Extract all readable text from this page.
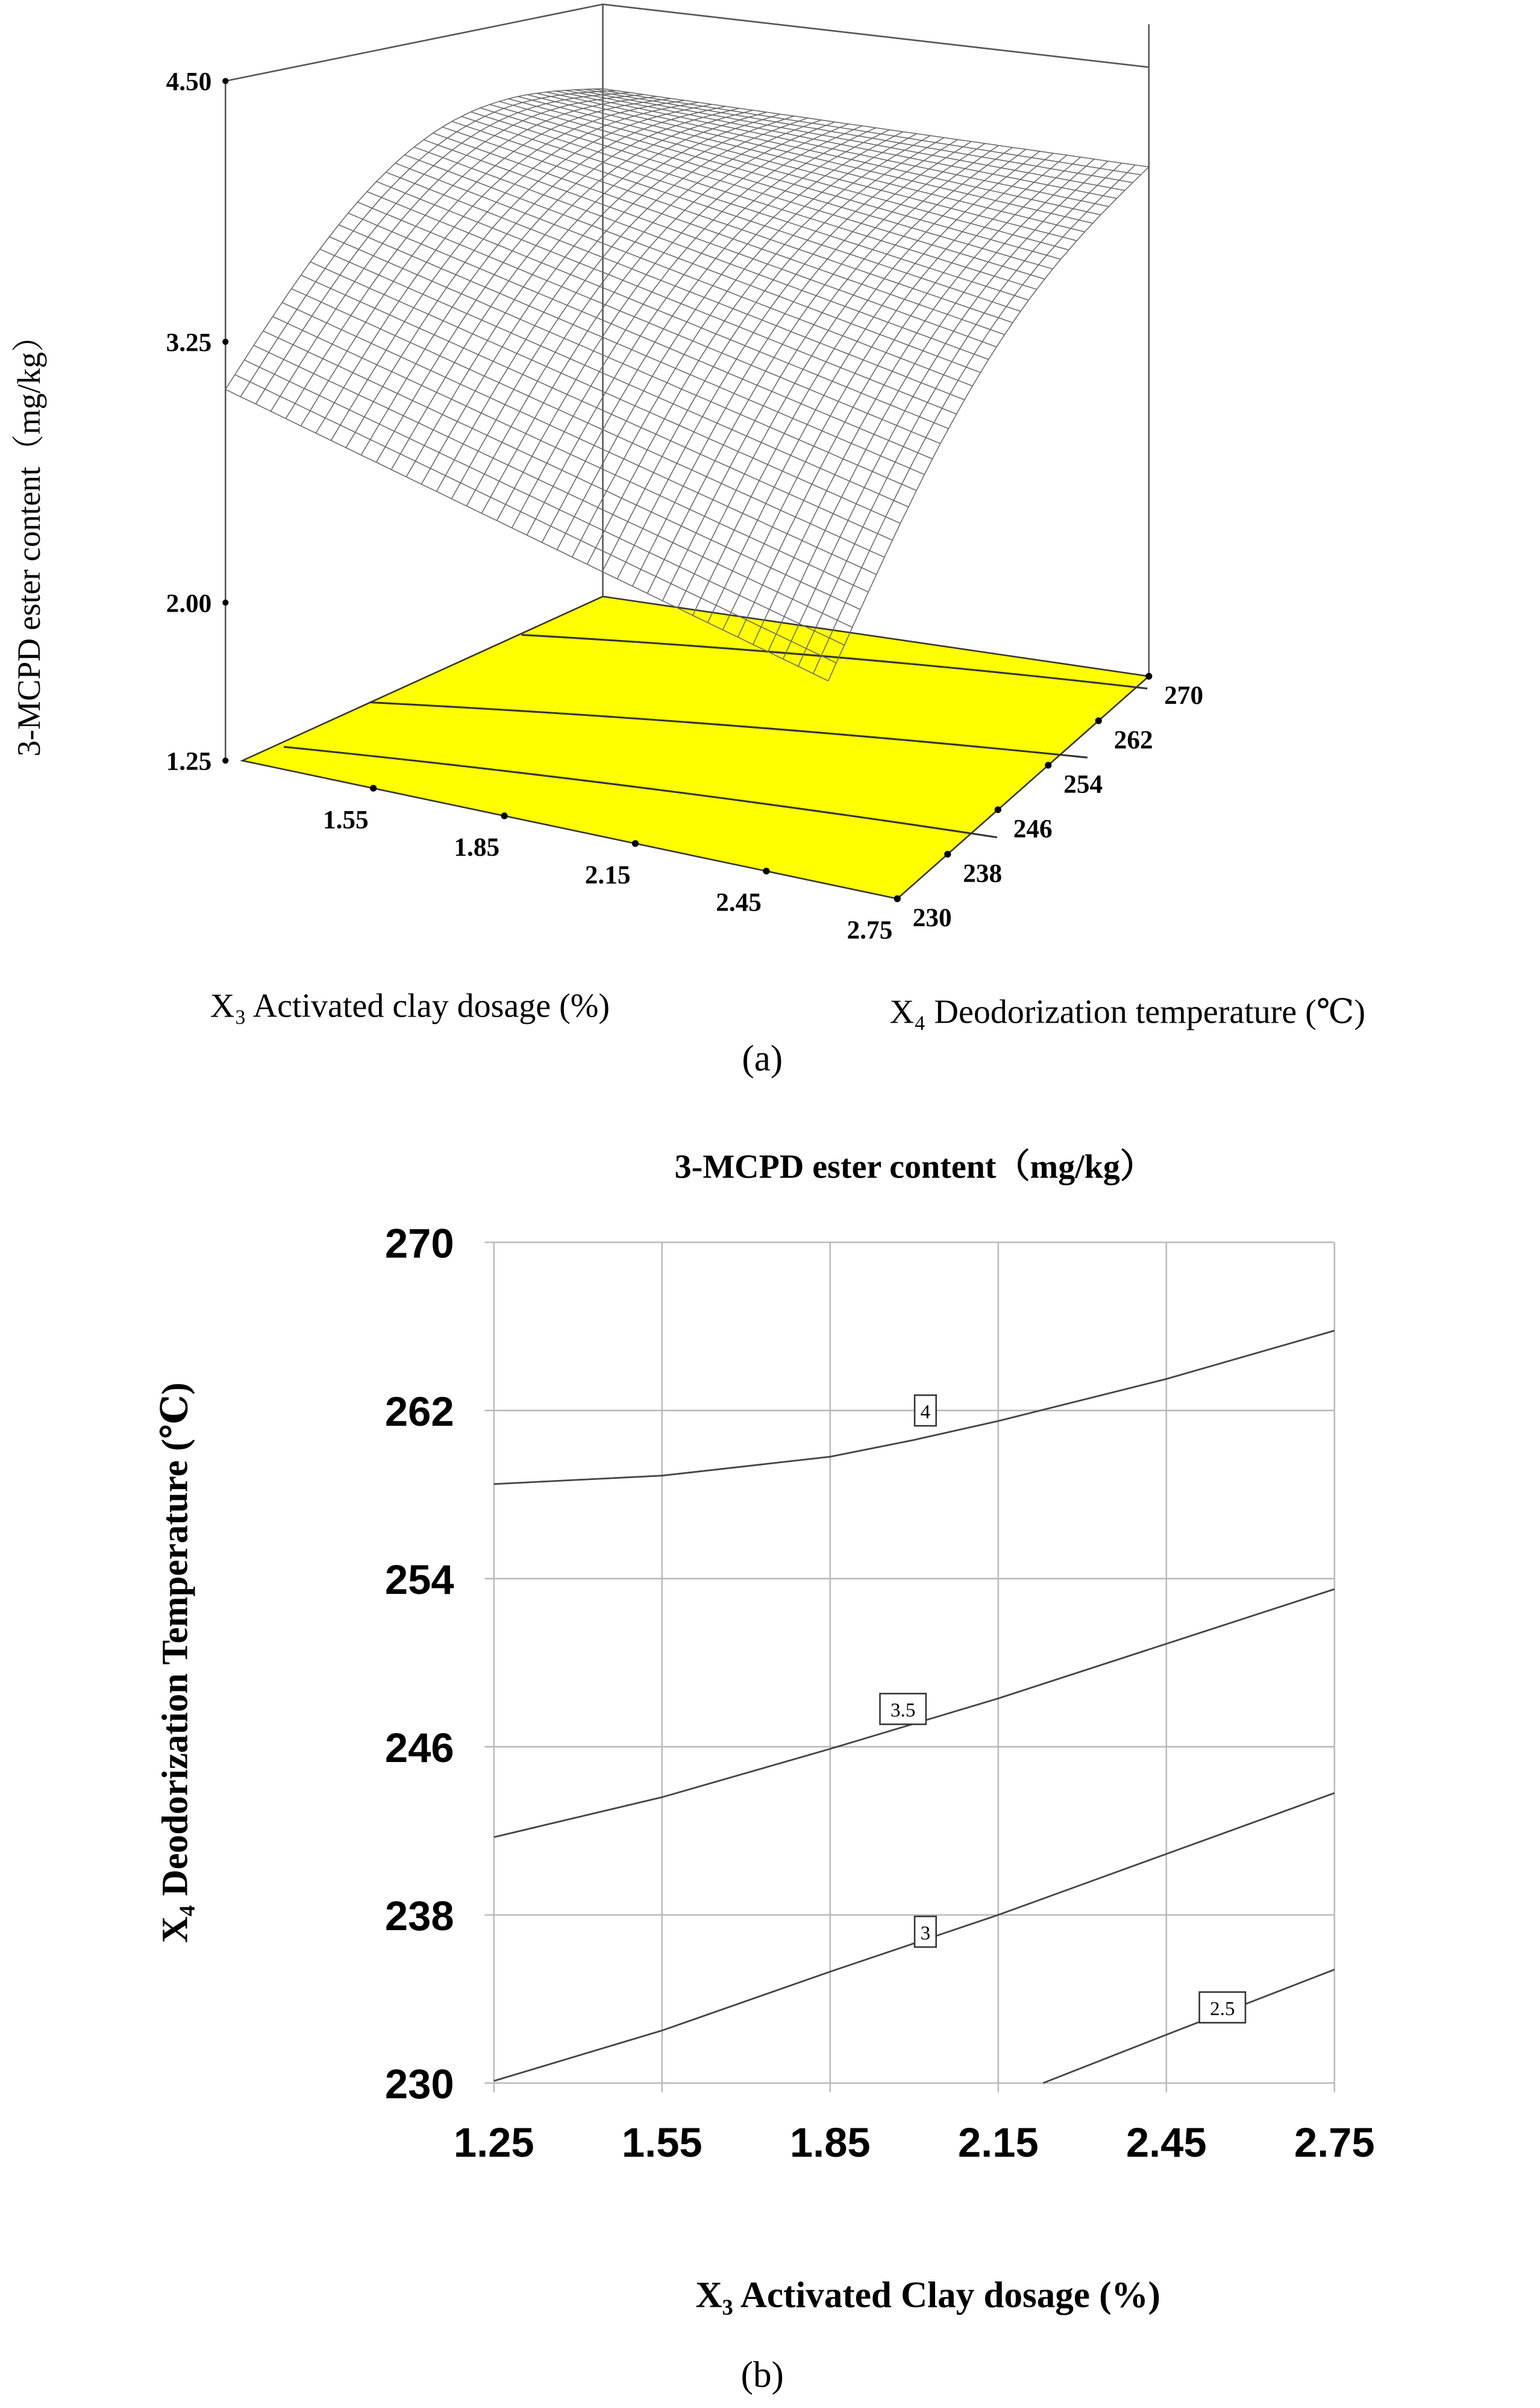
4.50
3.25
2.00
1.25
1.55
1.85
2.15
2.45
2.75 230
238
246
254
262
270
3-MCPD ester content（mg/kg）
X₃ Activated clay dosage (%)	X₄ Deodorization temperature (℃)
(a)
3-MCPD ester content（mg/kg）
1.25	1.55	1.85	2.15	2.45	2.75
270
262
254
246
238
230
4
3.5
3
2.5
X₄ Deodorization Temperature (℃)
X₃ Activated Clay dosage (%)
(b)
